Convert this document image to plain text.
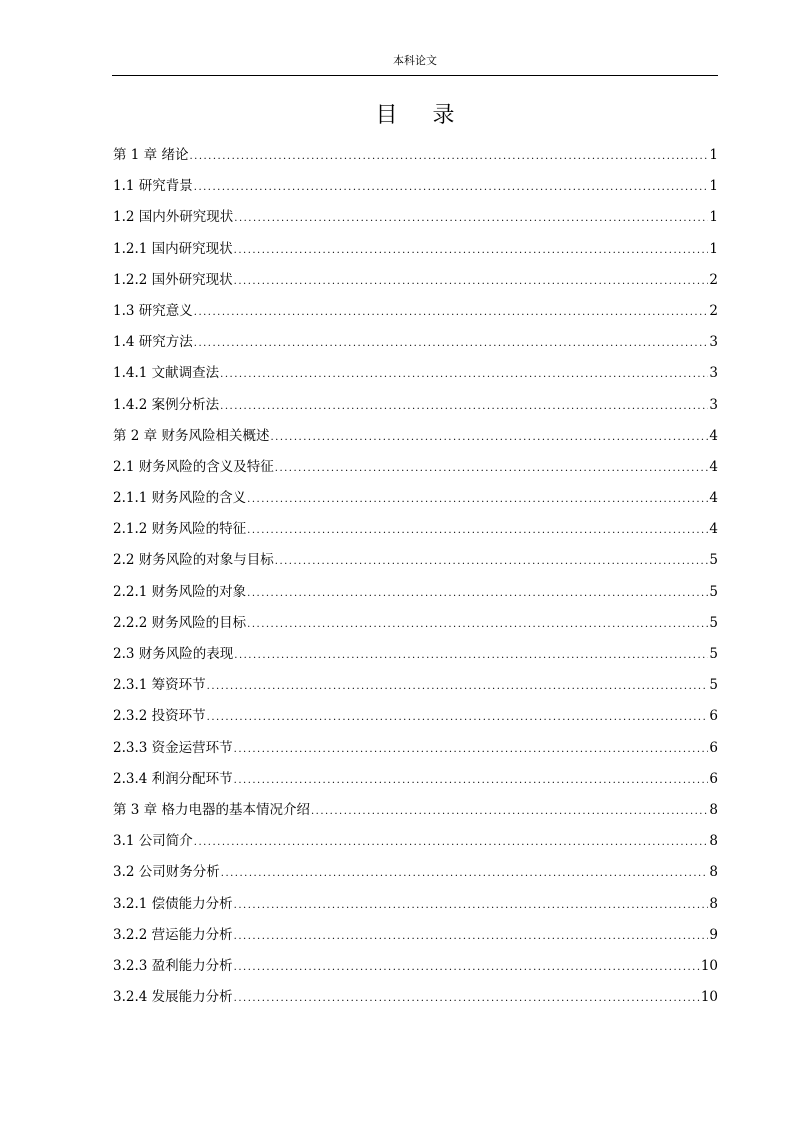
本科论文
目 录
第 1 章 绪论 .....	1
1.1 研究背景 .....	1
1.2 国内外研究现状 .....	1
1.2.1 国内研究现状 .....	1
1.2.2 国外研究现状 .....	2
1.3 研究意义 .....	2
1.4 研究方法 .....	3
1.4.1 文献调查法 .....	3
1.4.2 案例分析法 .....	3
第 2 章 财务风险相关概述 .....	4
2.1 财务风险的含义及特征 .....	4
2.1.1 财务风险的含义 .....	4
2.1.2 财务风险的特征 .....	4
2.2 财务风险的对象与目标 .....	5
2.2.1 财务风险的对象 .....	5
2.2.2 财务风险的目标 .....	5
2.3 财务风险的表现 .....	5
2.3.1 筹资环节 .....	5
2.3.2 投资环节 .....	6
2.3.3 资金运营环节 .....	6
2.3.4 利润分配环节 .....	6
第 3 章 格力电器的基本情况介绍 .....	8
3.1 公司简介 .....	8
3.2 公司财务分析 .....	8
3.2.1 偿债能力分析 .....	8
3.2.2 营运能力分析 .....	9
3.2.3 盈利能力分析 .....	10
3.2.4 发展能力分析 .....	10
